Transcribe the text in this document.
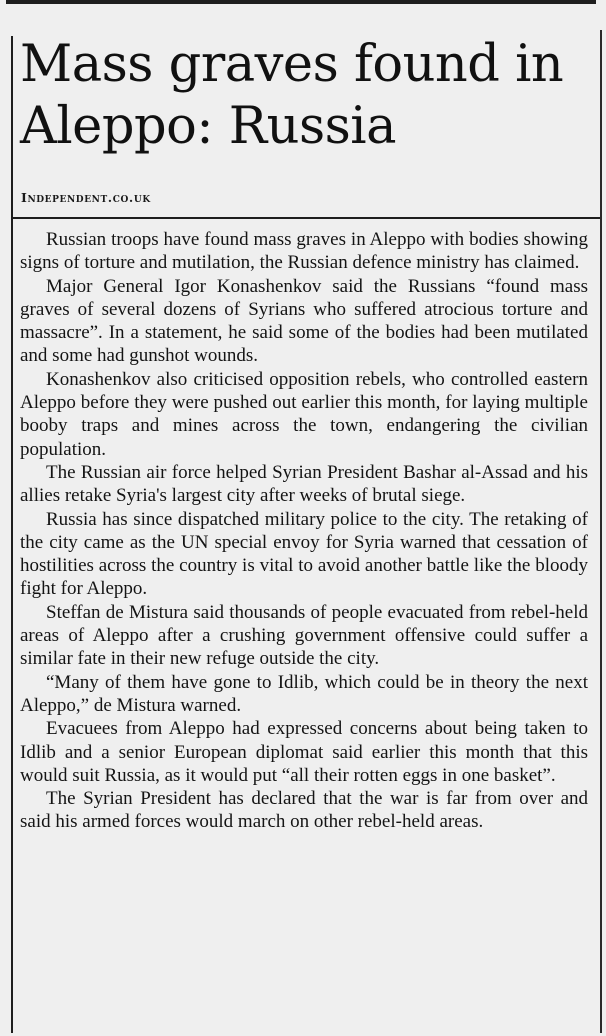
Mass graves found in Aleppo: Russia
Independent.co.uk

Russian troops have found mass graves in Aleppo with bodies showing signs of torture and mutilation, the Russian defence ministry has claimed.

Major General Igor Konashenkov said the Russians “found mass graves of several dozens of Syrians who suffered atrocious torture and massacre”. In a statement, he said some of the bodies had been mutilated and some had gunshot wounds.

Konashenkov also criticised opposition rebels, who controlled eastern Aleppo before they were pushed out earlier this month, for laying multiple booby traps and mines across the town, endangering the civilian population.

The Russian air force helped Syrian President Bashar al-Assad and his allies retake Syria's largest city after weeks of brutal siege.

Russia has since dispatched military police to the city. The retaking of the city came as the UN special envoy for Syria warned that cessation of hostilities across the country is vital to avoid another battle like the bloody fight for Aleppo.

Steffan de Mistura said thousands of people evacuated from rebel-held areas of Aleppo after a crushing government offensive could suffer a similar fate in their new refuge outside the city.

“Many of them have gone to Idlib, which could be in theory the next Aleppo,” de Mistura warned.

Evacuees from Aleppo had expressed concerns about being taken to Idlib and a senior European diplomat said earlier this month that this would suit Russia, as it would put “all their rotten eggs in one basket”.

The Syrian President has declared that the war is far from over and said his armed forces would march on other rebel-held areas.
